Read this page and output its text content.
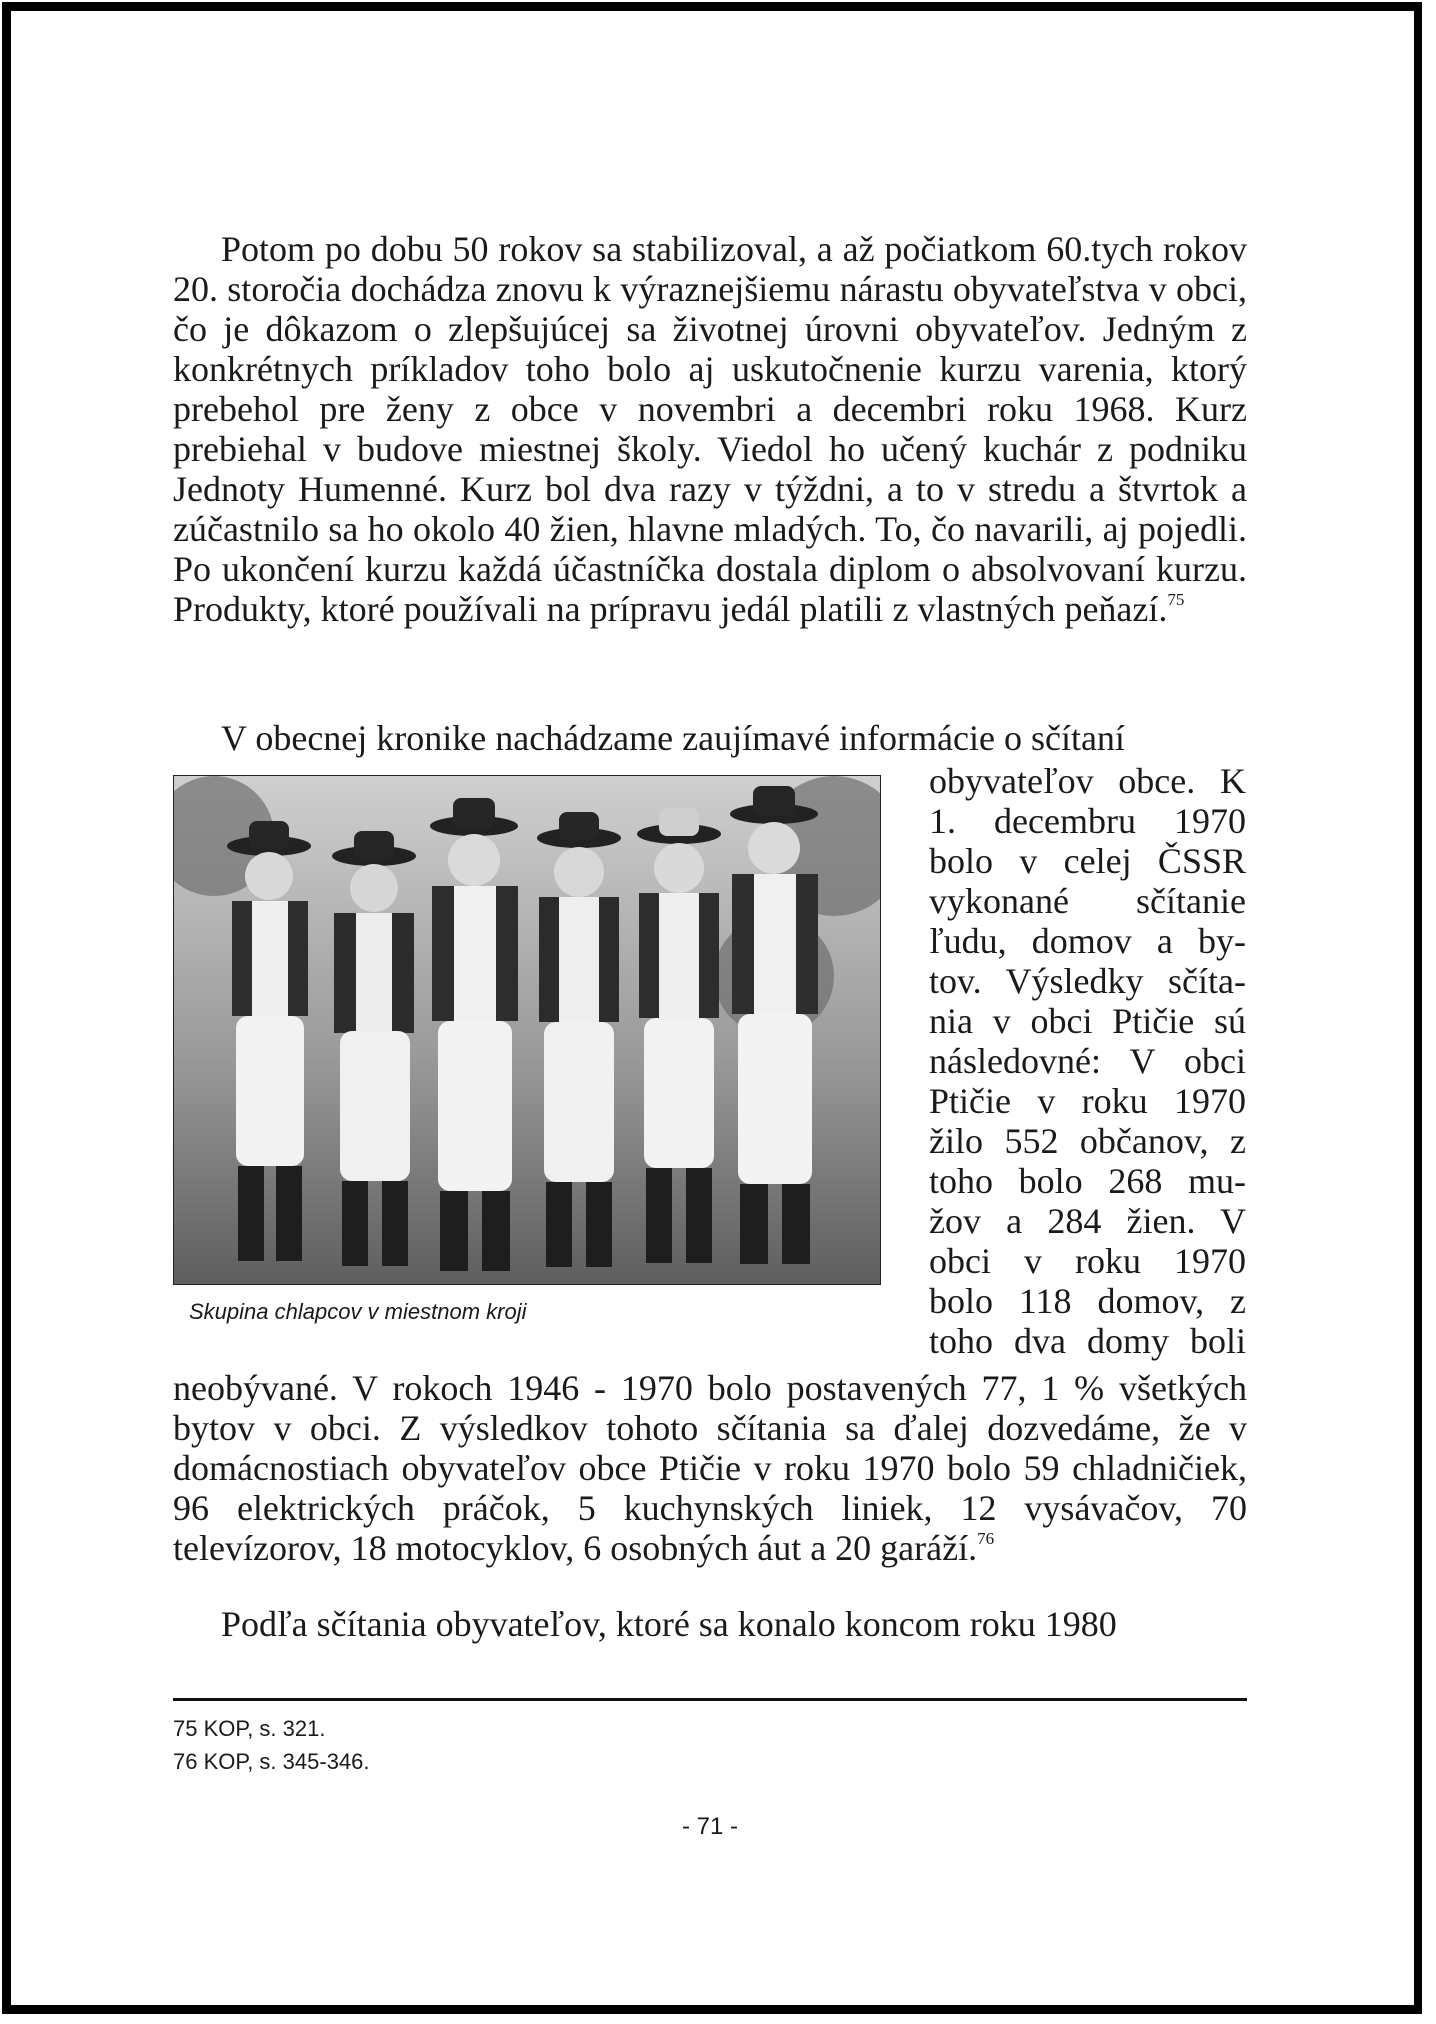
Potom po dobu 50 rokov sa stabilizoval, a až počiatkom 60.tych rokov 20. storočia dochádza znovu k výraznejšiemu nárastu obyvateľstva v obci, čo je dôkazom o zlepšujúcej sa životnej úrovni obyvateľov. Jedným z konkrétnych príkladov toho bolo aj uskutočnenie kurzu varenia, ktorý prebehol pre ženy z obce v novembri a decembri roku 1968. Kurz prebiehal v budove miestnej školy. Viedol ho učený kuchár z podniku Jednoty Humenné. Kurz bol dva razy v týždni, a to v stredu a štvrtok a zúčastnilo sa ho okolo 40 žien, hlavne mladých. To, čo navarili, aj pojedli. Po ukončení kurzu každá účastníčka dostala diplom o absolvovaní kurzu. Produkty, ktoré používali na prípravu jedál platili z vlastných peňazí.$^{75}$

V obecnej kronike nachádzame zaujímavé informácie o sčítaní

Skupina chlapcov v miestnom kroji
obyvateľov obce. K
1. decembru 1970
bolo v celej ČSSR
vykonané sčítanie
ľudu, domov a by-
tov. Výsledky sčíta-
nia v obci Ptičie sú
následovné: V obci
Ptičie v roku 1970
žilo 552 občanov, z
toho bolo 268 mu-
žov a 284 žien. V
obci v roku 1970
bolo 118 domov, z
toho dva domy boli

neobývané. V rokoch 1946 - 1970 bolo postavených 77, 1 % všetkých bytov v obci. Z výsledkov tohoto sčítania sa ďalej dozvedáme, že v domácnostiach obyvateľov obce Ptičie v roku 1970 bolo 59 chladničiek, 96 elektrických práčok, 5 kuchynských liniek, 12 vysávačov, 70 televízorov, 18 motocyklov, 6 osobných áut a 20 garáží.$^{76}$

Podľa sčítania obyvateľov, ktoré sa konalo koncom roku 1980

75 KOP, s. 321.
76 KOP, s. 345-346.
- 71 -
